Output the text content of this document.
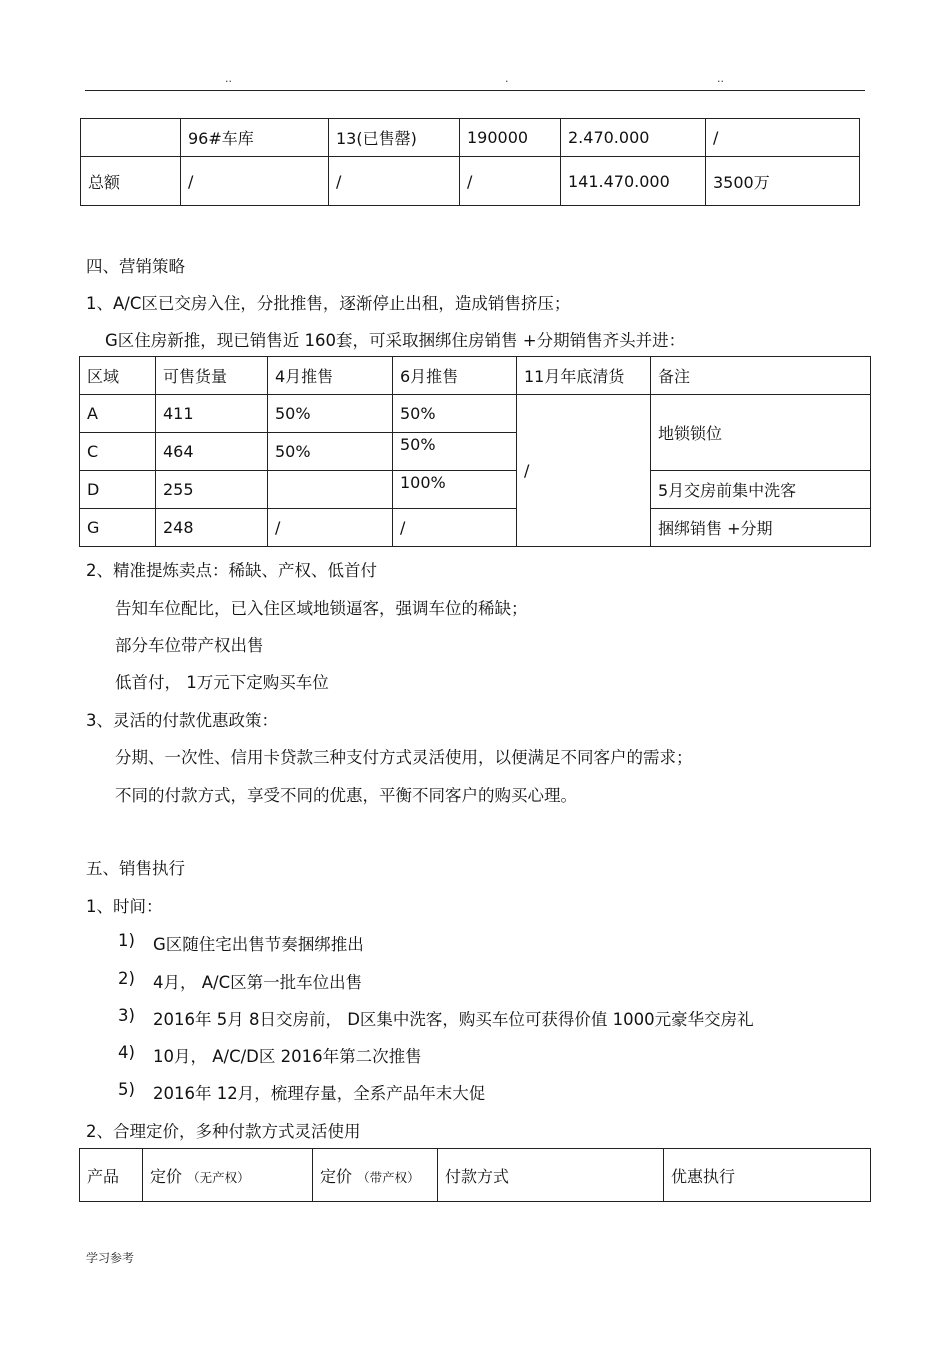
..	.	..
	96#车库	13(已售罄)	190000	2.470.000	/
总额	/	/	/	141.470.000	3500万
四、营销策略
1、A/C区已交房入住，分批推售，逐渐停止出租，造成销售挤压；
G区住房新推，现已销售近 160套，可采取捆绑住房销售 +分期销售齐头并进：
区域	可售货量	4月推售	6月推售	11月年底清货	备注
A	411	50%	50%	/	地锁锁位
C	464	50%	50%		
D	255		100%		5月交房前集中洗客
G	248	/	/		捆绑销售 +分期
2、精准提炼卖点：稀缺、产权、低首付
告知车位配比，已入住区域地锁逼客，强调车位的稀缺；
部分车位带产权出售
低首付， 1万元下定购买车位
3、灵活的付款优惠政策：
分期、一次性、信用卡贷款三种支付方式灵活使用，以便满足不同客户的需求；
不同的付款方式，享受不同的优惠，平衡不同客户的购买心理。
五、销售执行
1、时间：
1) G区随住宅出售节奏捆绑推出
2) 4月， A/C区第一批车位出售
3) 2016年 5月 8日交房前， D区集中洗客，购买车位可获得价值 1000元豪华交房礼
4) 10月， A/C/D区 2016年第二次推售
5) 2016年 12月，梳理存量，全系产品年末大促
2、合理定价，多种付款方式灵活使用
产品	定价 （无产权）	定价 （带产权）	付款方式	优惠执行
学习参考
